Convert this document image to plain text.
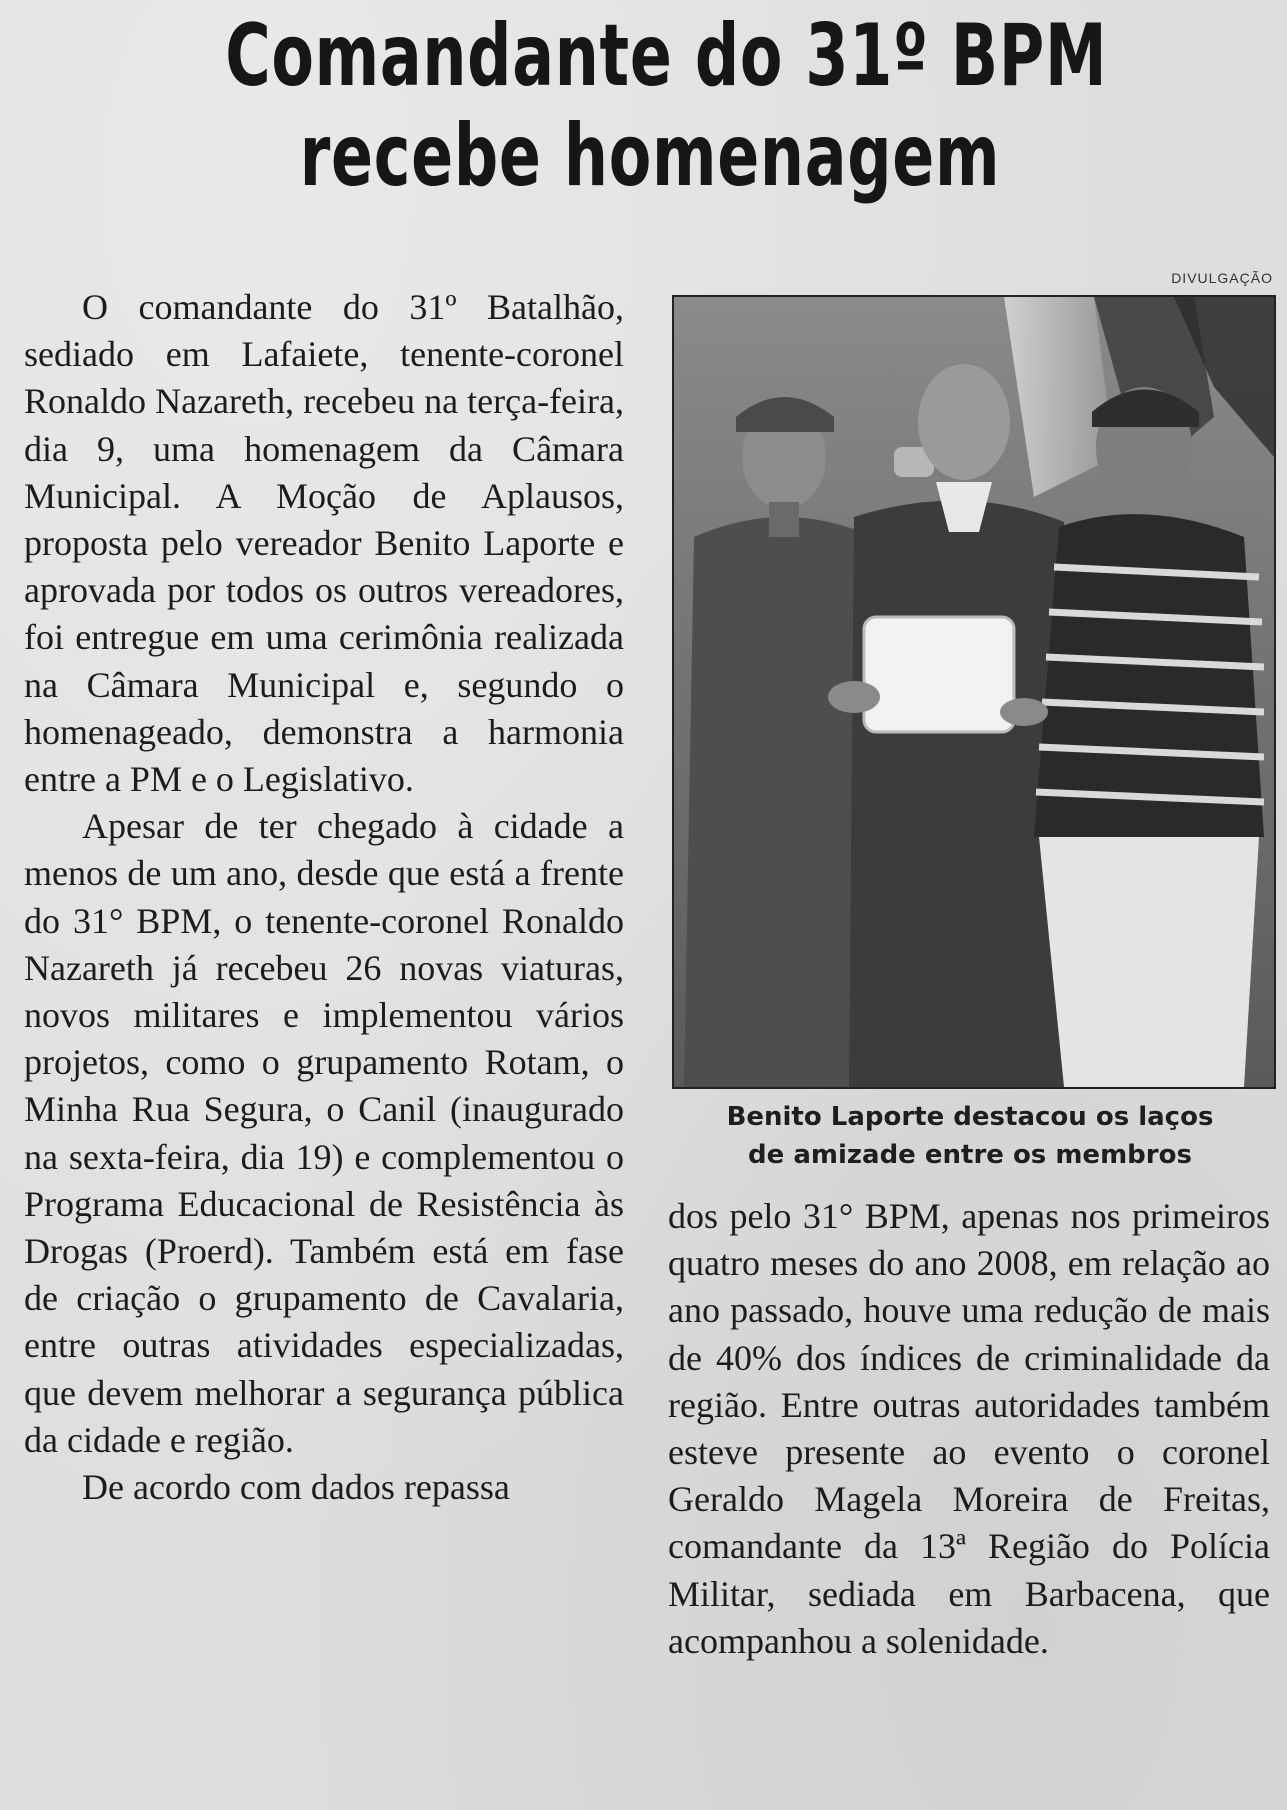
Comandante do 31º BPM
recebe homenagem
DIVULGAÇÃO

O comandante do 31º Batalhão, sediado em Lafaiete, tenente-coronel Ronaldo Nazareth, recebeu na terça-feira, dia 9, uma homenagem da Câmara Municipal. A Moção de Aplausos, proposta pelo vereador Benito Laporte e aprovada por todos os outros vereadores, foi entregue em uma cerimônia realizada na Câmara Municipal e, segundo o homenageado, demonstra a harmonia entre a PM e o Legislativo.

Apesar de ter chegado à cidade a menos de um ano, desde que está a frente do 31° BPM, o tenente-coronel Ronaldo Nazareth já recebeu 26 novas viaturas, novos militares e implementou vários projetos, como o grupamento Rotam, o Minha Rua Segura, o Canil (inaugurado na sexta-feira, dia 19) e complementou o Programa Educacional de Resistência às Drogas (Proerd). Também está em fase de criação o grupamento de Cavalaria, entre outras atividades especializadas, que devem melhorar a segurança pública da cidade e região.

De acordo com dados repassa

Benito Laporte destacou os laços
de amizade entre os membros

dos pelo 31° BPM, apenas nos primeiros quatro meses do ano 2008, em relação ao ano passado, houve uma redução de mais de 40% dos índices de criminalidade da região. Entre outras autoridades também esteve presente ao evento o coronel Geraldo Magela Moreira de Freitas, comandante da 13ª Região do Polícia Militar, sediada em Barbacena, que acompanhou a solenidade.
